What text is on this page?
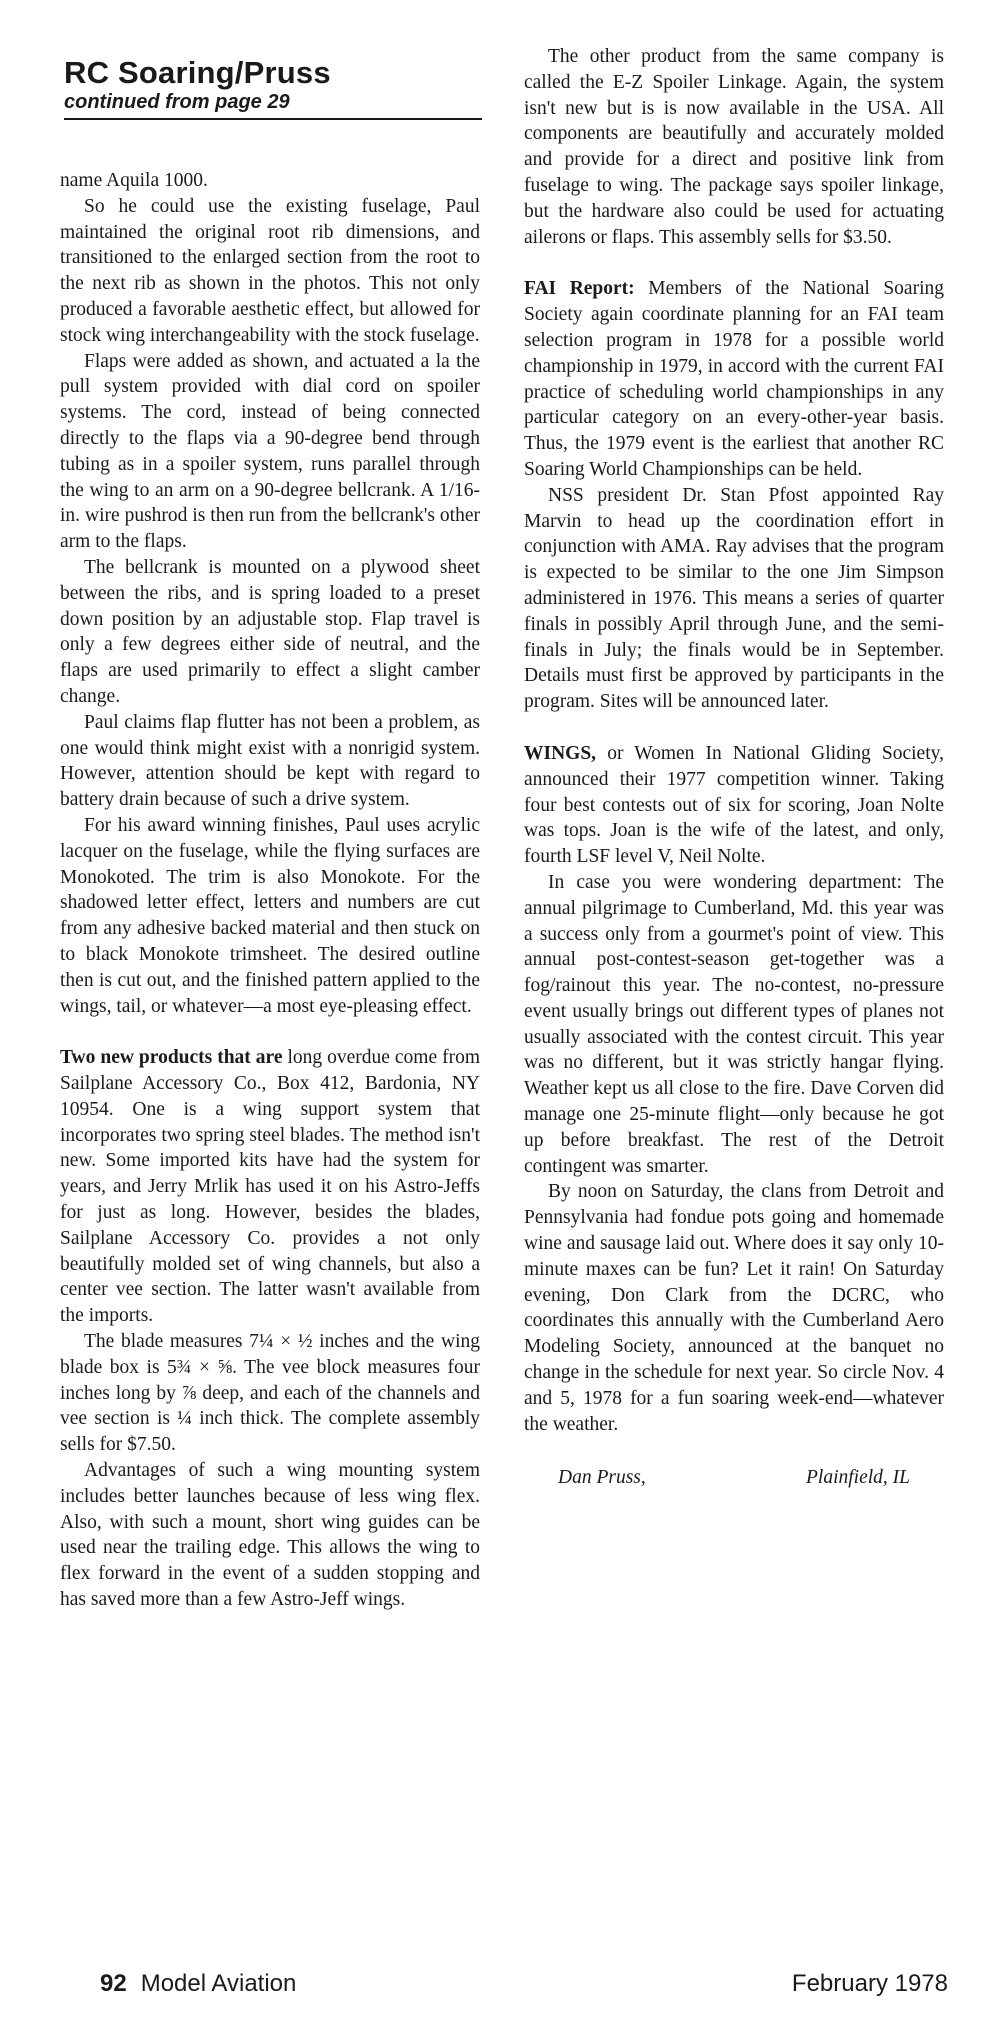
RC Soaring/Pruss
continued from page 29

name Aquila 1000.

So he could use the existing fuselage, Paul maintained the original root rib dimensions, and transitioned to the enlarged section from the root to the next rib as shown in the photos. This not only produced a favorable aesthetic effect, but allowed for stock wing interchangeability with the stock fuselage.

Flaps were added as shown, and actuated a la the pull system provided with dial cord on spoiler systems. The cord, instead of being connected directly to the flaps via a 90-degree bend through tubing as in a spoiler system, runs parallel through the wing to an arm on a 90-degree bellcrank. A 1/16-in. wire pushrod is then run from the bellcrank's other arm to the flaps.

The bellcrank is mounted on a plywood sheet between the ribs, and is spring loaded to a preset down position by an adjustable stop. Flap travel is only a few degrees either side of neutral, and the flaps are used primarily to effect a slight camber change.

Paul claims flap flutter has not been a problem, as one would think might exist with a nonrigid system. However, attention should be kept with regard to battery drain because of such a drive system.

For his award winning finishes, Paul uses acrylic lacquer on the fuselage, while the flying surfaces are Monokoted. The trim is also Monokote. For the shadowed letter effect, letters and numbers are cut from any adhesive backed material and then stuck on to black Monokote trimsheet. The desired outline then is cut out, and the finished pattern applied to the wings, tail, or whatever—a most eye-pleasing effect.

Two new products that are long overdue come from Sailplane Accessory Co., Box 412, Bardonia, NY 10954. One is a wing support system that incorporates two spring steel blades. The method isn't new. Some imported kits have had the system for years, and Jerry Mrlik has used it on his Astro-Jeffs for just as long. However, besides the blades, Sailplane Accessory Co. provides a not only beautifully molded set of wing channels, but also a center vee section. The latter wasn't available from the imports.

The blade measures 7¼ × ½ inches and the wing blade box is 5¾ × ⅝. The vee block measures four inches long by ⅞ deep, and each of the channels and vee section is ¼ inch thick. The complete assembly sells for $7.50.

Advantages of such a wing mounting system includes better launches because of less wing flex. Also, with such a mount, short wing guides can be used near the trailing edge. This allows the wing to flex forward in the event of a sudden stopping and has saved more than a few Astro-Jeff wings.

The other product from the same company is called the E-Z Spoiler Linkage. Again, the system isn't new but is is now available in the USA. All components are beautifully and accurately molded and provide for a direct and positive link from fuselage to wing. The package says spoiler linkage, but the hardware also could be used for actuating ailerons or flaps. This assembly sells for $3.50.

FAI Report: Members of the National Soaring Society again coordinate planning for an FAI team selection program in 1978 for a possible world championship in 1979, in accord with the current FAI practice of scheduling world championships in any particular category on an every-other-year basis. Thus, the 1979 event is the earliest that another RC Soaring World Championships can be held.

NSS president Dr. Stan Pfost appointed Ray Marvin to head up the coordination effort in conjunction with AMA. Ray advises that the program is expected to be similar to the one Jim Simpson administered in 1976. This means a series of quarter finals in possibly April through June, and the semi-finals in July; the finals would be in September. Details must first be approved by participants in the program. Sites will be announced later.

WINGS, or Women In National Gliding Society, announced their 1977 competition winner. Taking four best contests out of six for scoring, Joan Nolte was tops. Joan is the wife of the latest, and only, fourth LSF level V, Neil Nolte.

In case you were wondering department: The annual pilgrimage to Cumberland, Md. this year was a success only from a gourmet's point of view. This annual post-contest-season get-together was a fog/rainout this year. The no-contest, no-pressure event usually brings out different types of planes not usually associated with the contest circuit. This year was no different, but it was strictly hangar flying. Weather kept us all close to the fire. Dave Corven did manage one 25-minute flight—only because he got up before breakfast. The rest of the Detroit contingent was smarter.

By noon on Saturday, the clans from Detroit and Pennsylvania had fondue pots going and homemade wine and sausage laid out. Where does it say only 10-minute maxes can be fun? Let it rain! On Saturday evening, Don Clark from the DCRC, who coordinates this annually with the Cumberland Aero Modeling Society, announced at the banquet no change in the schedule for next year. So circle Nov. 4 and 5, 1978 for a fun soaring week-end—whatever the weather.

Dan Pruss,	Plainfield, IL
92 Model Aviation	February 1978
